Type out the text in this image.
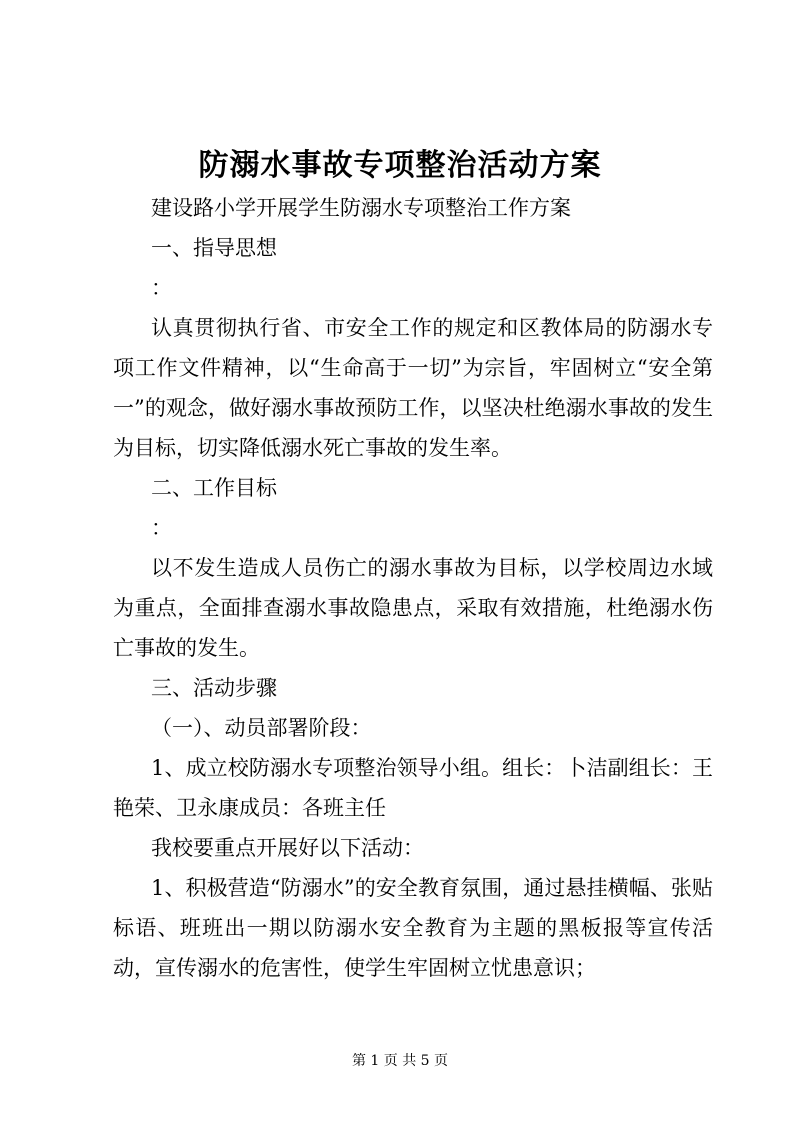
防溺水事故专项整治活动方案

建设路小学开展学生防溺水专项整治工作方案

一、指导思想

：

认真贯彻执行省、市安全工作的规定和区教体局的防溺水专项工作文件精神，以“生命高于一切”为宗旨，牢固树立“安全第一”的观念，做好溺水事故预防工作，以坚决杜绝溺水事故的发生为目标，切实降低溺水死亡事故的发生率。

二、工作目标

：

以不发生造成人员伤亡的溺水事故为目标，以学校周边水域为重点，全面排查溺水事故隐患点，采取有效措施，杜绝溺水伤亡事故的发生。

三、活动步骤

（一）、动员部署阶段：

1、成立校防溺水专项整治领导小组。组长：卜洁副组长：王艳荣、卫永康成员：各班主任

我校要重点开展好以下活动：

1、积极营造“防溺水”的安全教育氛围，通过悬挂横幅、张贴标语、班班出一期以防溺水安全教育为主题的黑板报等宣传活动，宣传溺水的危害性，使学生牢固树立忧患意识；

第 1 页 共 5 页
